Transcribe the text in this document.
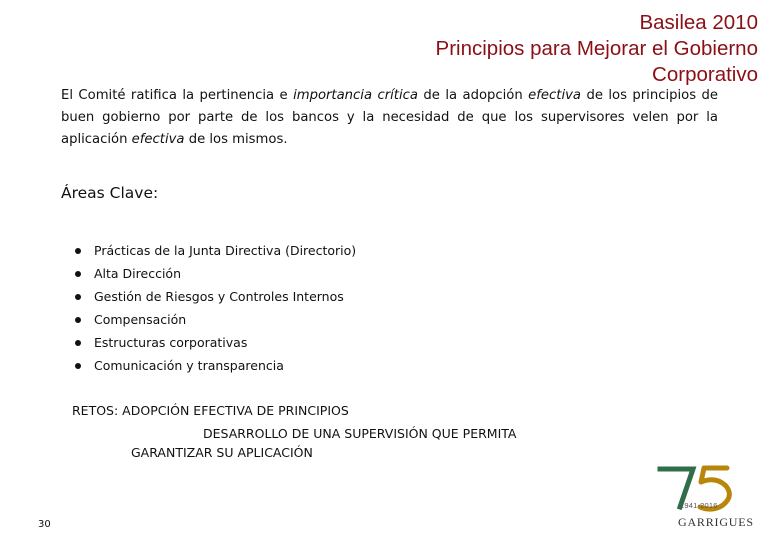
Basilea 2010
Principios para Mejorar el Gobierno
Corporativo
El Comité ratifica la pertinencia e importancia crítica de la adopción efectiva de los principios de buen gobierno por parte de los bancos y la necesidad de que los supervisores velen por la aplicación efectiva de los mismos.
Áreas Clave:
Prácticas de la Junta Directiva (Directorio)
Alta Dirección
Gestión de Riesgos y Controles Internos
Compensación
Estructuras corporativas
Comunicación y transparencia
RETOS: ADOPCIÓN EFECTIVA DE PRINCIPIOS
DESARROLLO DE UNA SUPERVISIÓN QUE PERMITA
GARANTIZAR SU APLICACIÓN
30
1941-2016
GARRIGUES
